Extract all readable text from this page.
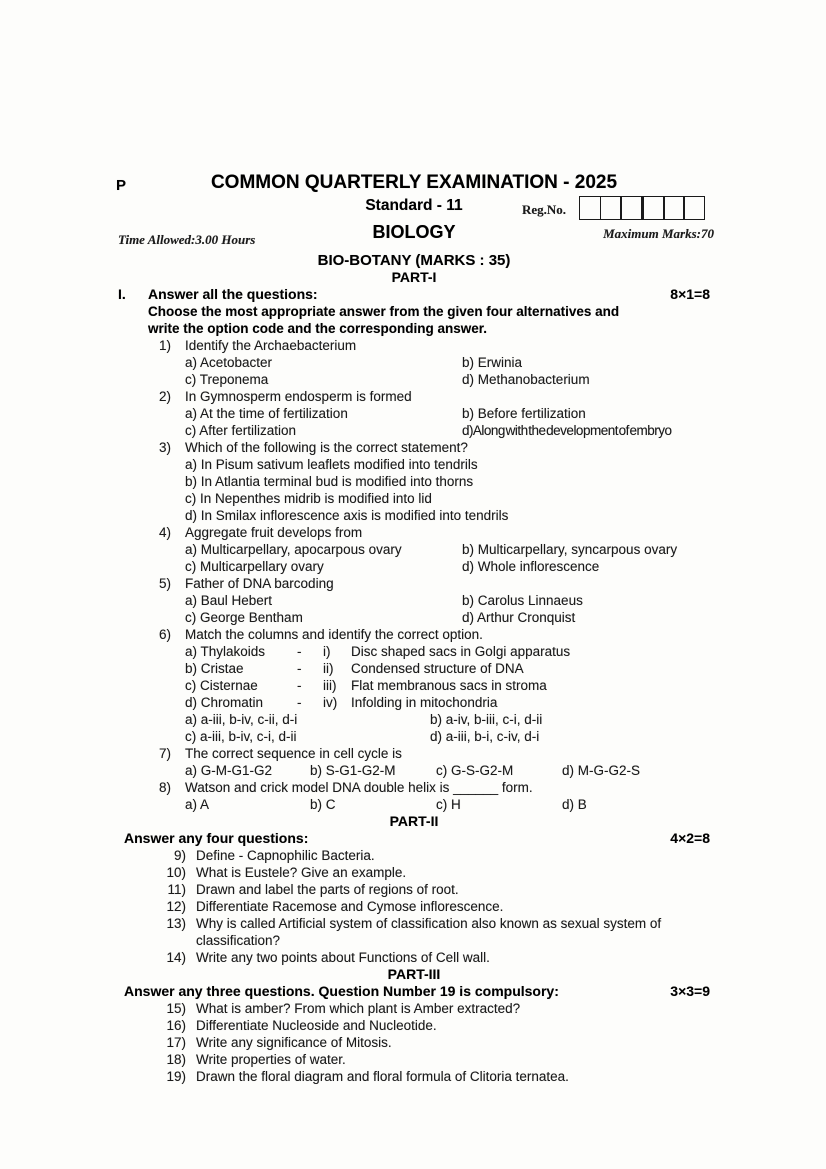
P	COMMON QUARTERLY EXAMINATION - 2025
Standard - 11	Reg.No.
Time Allowed:3.00 Hours	BIOLOGY	Maximum Marks:70
BIO-BOTANY (MARKS : 35)
PART-I
I.	Answer all the questions:	8×1=8
Choose the most appropriate answer from the given four alternatives and
write the option code and the corresponding answer.
1)	Identify the Archaebacterium
a) Acetobacter	b) Erwinia
c) Treponema	d) Methanobacterium
2)	In Gymnosperm endosperm is formed
a) At the time of fertilization	b) Before fertilization
c) After fertilization	d) Along with the development of embryo
3)	Which of the following is the correct statement?
a) In Pisum sativum leaflets modified into tendrils
b) In Atlantia terminal bud is modified into thorns
c) In Nepenthes midrib is modified into lid
d) In Smilax inflorescence axis is modified into tendrils
4)	Aggregate fruit develops from
a) Multicarpellary, apocarpous ovary	b) Multicarpellary, syncarpous ovary
c) Multicarpellary ovary	d) Whole inflorescence
5)	Father of DNA barcoding
a) Baul Hebert	b) Carolus Linnaeus
c) George Bentham	d) Arthur Cronquist
6)	Match the columns and identify the correct option.
a) Thylakoids	-	i)	Disc shaped sacs in Golgi apparatus
b) Cristae	-	ii)	Condensed structure of DNA
c) Cisternae	-	iii)	Flat membranous sacs in stroma
d) Chromatin	-	iv)	Infolding in mitochondria
a) a-iii, b-iv, c-ii, d-i	b) a-iv, b-iii, c-i, d-ii
c) a-iii, b-iv, c-i, d-ii	d) a-iii, b-i, c-iv, d-i
7)	The correct sequence in cell cycle is
a) G-M-G1-G2	b) S-G1-G2-M	c) G-S-G2-M	d) M-G-G2-S
8)	Watson and crick model DNA double helix is ______ form.
a) A	b) C	c) H	d) B
PART-II
Answer any four questions:	4×2=8
9) Define - Capnophilic Bacteria.
10) What is Eustele? Give an example.
11) Drawn and label the parts of regions of root.
12) Differentiate Racemose and Cymose inflorescence.
13) Why is called Artificial system of classification also known as sexual system of classification?
14) Write any two points about Functions of Cell wall.
PART-III
Answer any three questions. Question Number 19 is compulsory:	3×3=9
15) What is amber? From which plant is Amber extracted?
16) Differentiate Nucleoside and Nucleotide.
17) Write any significance of Mitosis.
18) Write properties of water.
19) Drawn the floral diagram and floral formula of Clitoria ternatea.
